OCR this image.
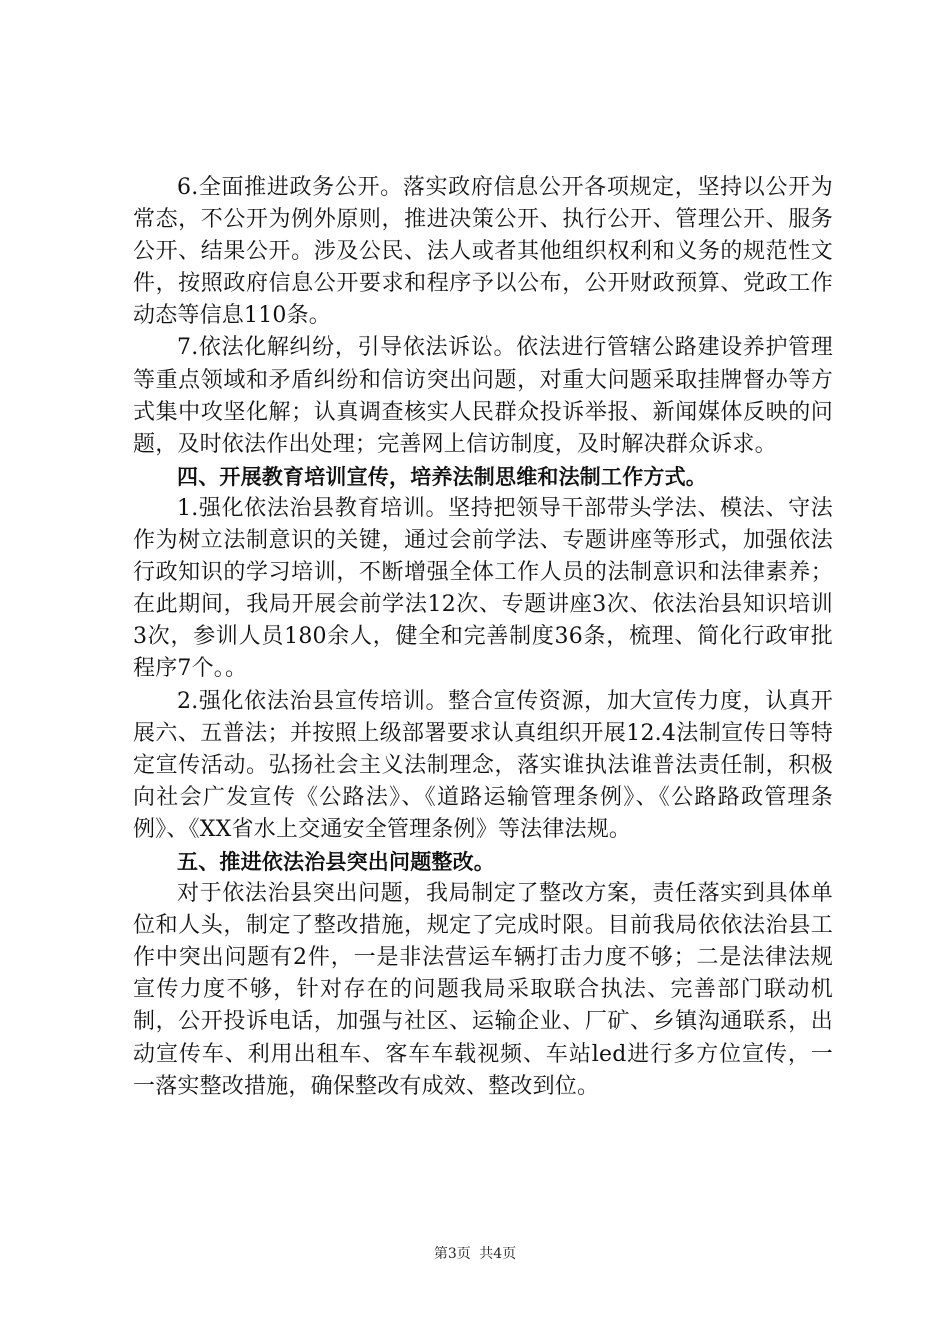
6.全面推进政务公开。落实政府信息公开各项规定，坚持以公开为常态，不公开为例外原则，推进决策公开、执行公开、管理公开、服务公开、结果公开。涉及公民、法人或者其他组织权利和义务的规范性文件，按照政府信息公开要求和程序予以公布，公开财政预算、党政工作动态等信息110条。

7.依法化解纠纷，引导依法诉讼。依法进行管辖公路建设养护管理等重点领域和矛盾纠纷和信访突出问题，对重大问题采取挂牌督办等方式集中攻坚化解；认真调查核实人民群众投诉举报、新闻媒体反映的问题，及时依法作出处理；完善网上信访制度，及时解决群众诉求。

四、开展教育培训宣传，培养法制思维和法制工作方式。

1.强化依法治县教育培训。坚持把领导干部带头学法、模法、守法作为树立法制意识的关键，通过会前学法、专题讲座等形式，加强依法行政知识的学习培训，不断增强全体工作人员的法制意识和法律素养；在此期间，我局开展会前学法12次、专题讲座3次、依法治县知识培训3次，参训人员180余人，健全和完善制度36条，梳理、简化行政审批程序7个。。

2.强化依法治县宣传培训。整合宣传资源，加大宣传力度，认真开展六、五普法；并按照上级部署要求认真组织开展12.4法制宣传日等特定宣传活动。弘扬社会主义法制理念，落实谁执法谁普法责任制，积极向社会广发宣传《公路法》、《道路运输管理条例》、《公路路政管理条例》、《XX省水上交通安全管理条例》等法律法规。

五、推进依法治县突出问题整改。

对于依法治县突出问题，我局制定了整改方案，责任落实到具体单位和人头，制定了整改措施，规定了完成时限。目前我局依依法治县工作中突出问题有2件，一是非法营运车辆打击力度不够；二是法律法规宣传力度不够，针对存在的问题我局采取联合执法、完善部门联动机制，公开投诉电话，加强与社区、运输企业、厂矿、乡镇沟通联系，出动宣传车、利用出租车、客车车载视频、车站led进行多方位宣传，一一落实整改措施，确保整改有成效、整改到位。

第3页 共4页
